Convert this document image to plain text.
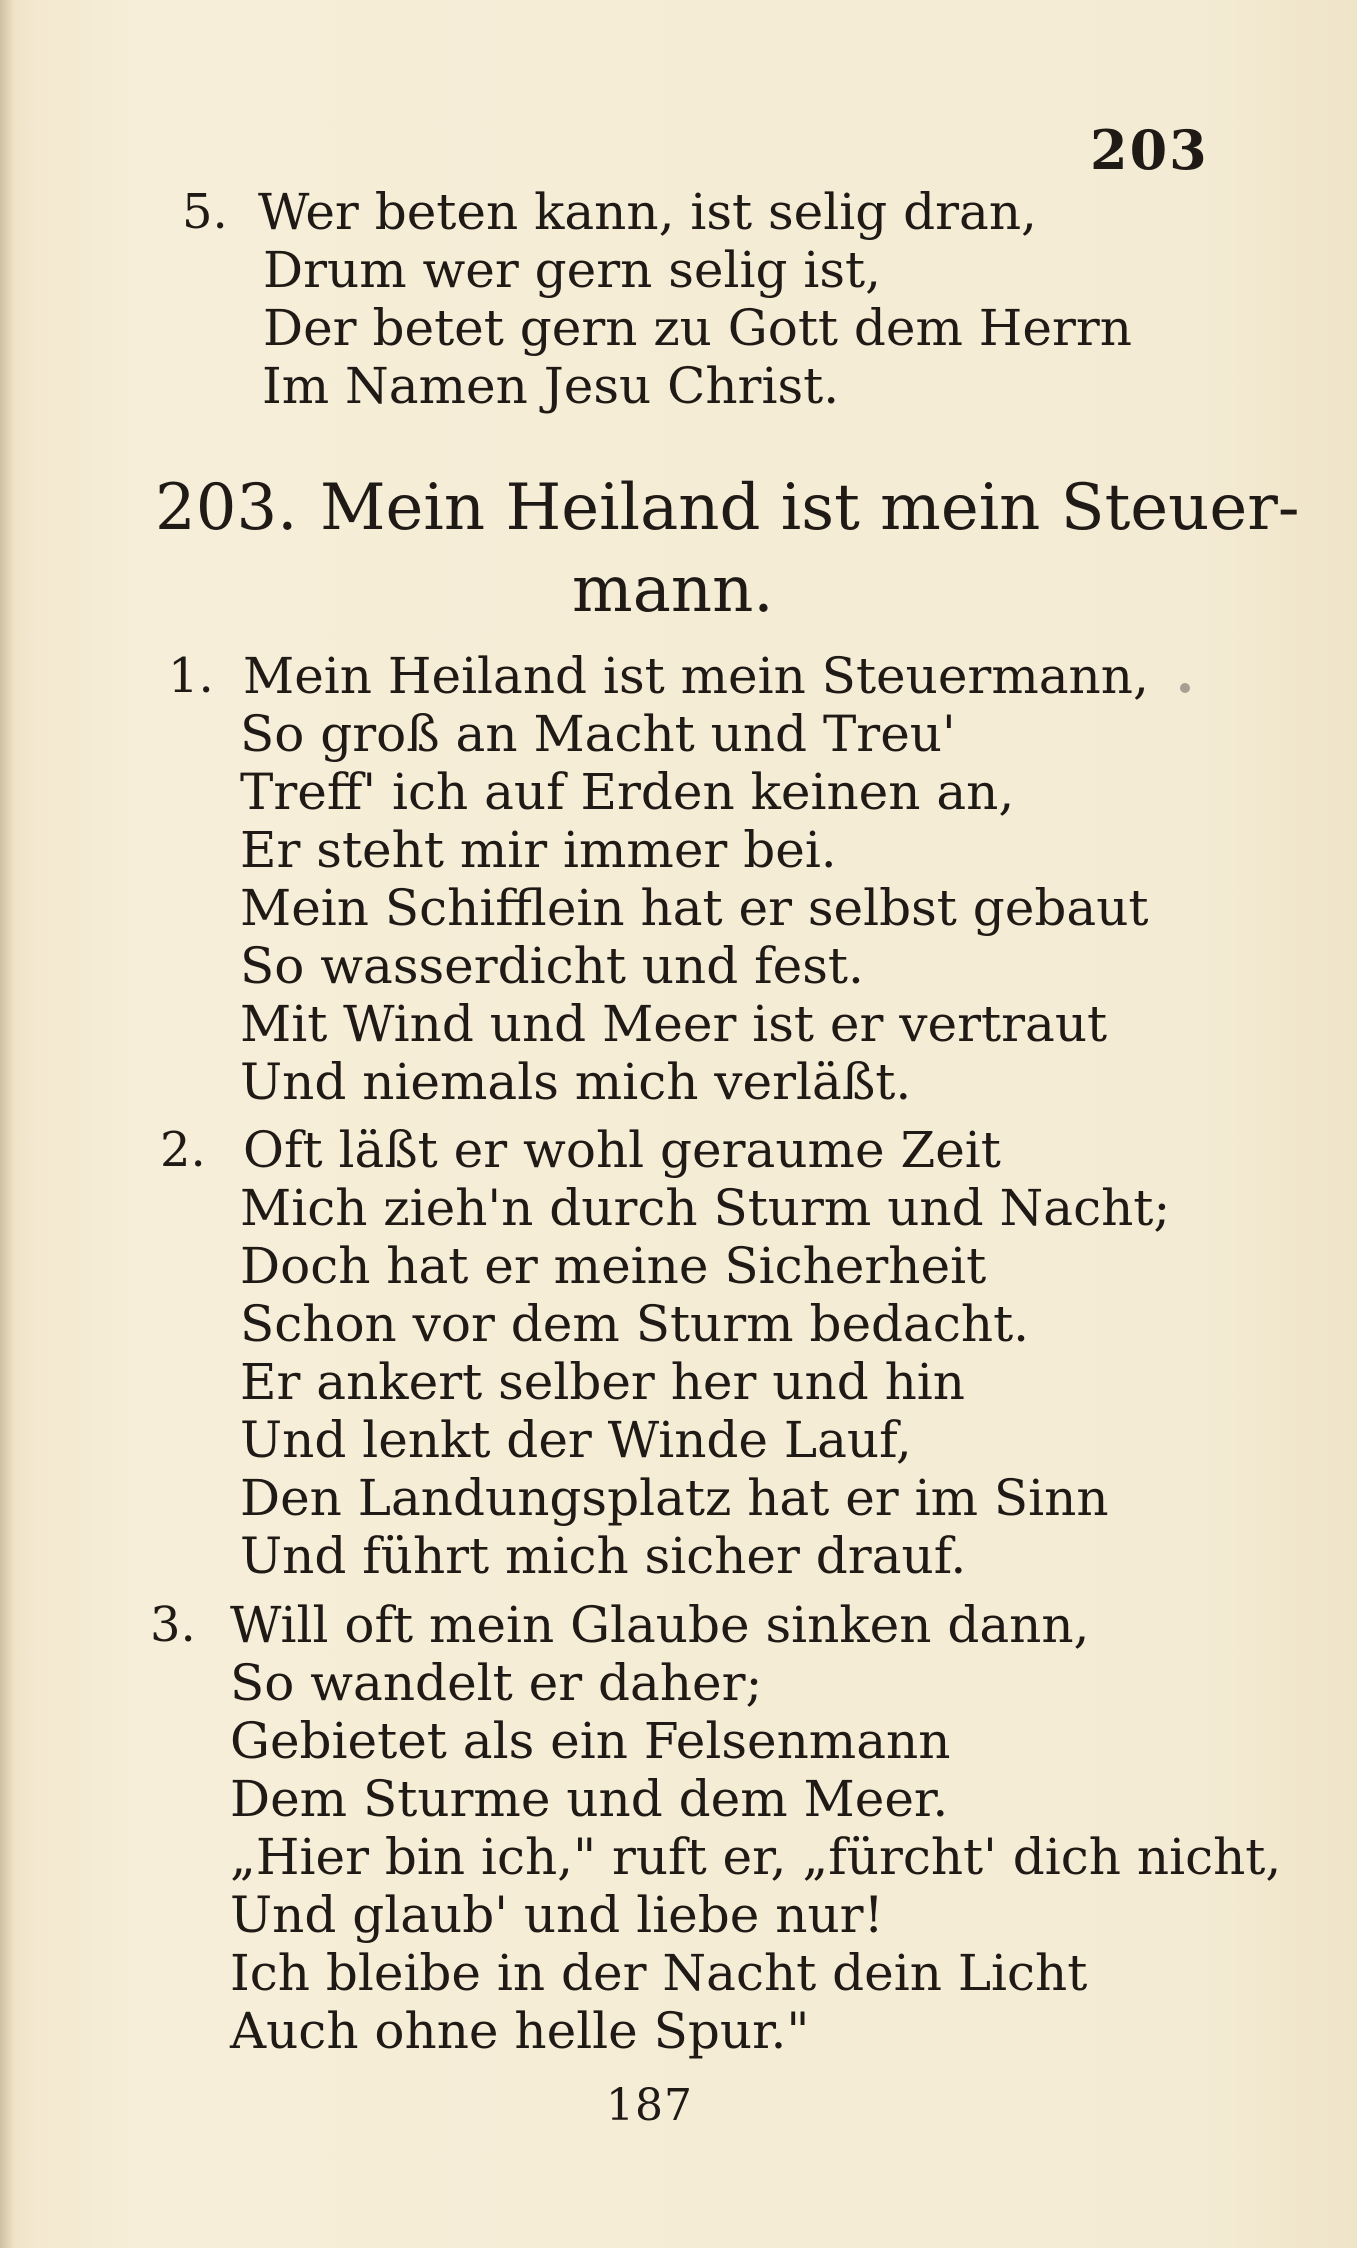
203
5. Wer beten kann, ist selig dran,
Drum wer gern selig ist,
Der betet gern zu Gott dem Herrn
Im Namen Jesu Christ.
203. Mein Heiland ist mein Steuer-
mann.
1. Mein Heiland ist mein Steuermann,
So groß an Macht und Treu'
Treff' ich auf Erden keinen an,
Er steht mir immer bei.
Mein Schifflein hat er selbst gebaut
So wasserdicht und fest.
Mit Wind und Meer ist er vertraut
Und niemals mich verläßt.
2. Oft läßt er wohl geraume Zeit
Mich zieh'n durch Sturm und Nacht;
Doch hat er meine Sicherheit
Schon vor dem Sturm bedacht.
Er ankert selber her und hin
Und lenkt der Winde Lauf,
Den Landungsplatz hat er im Sinn
Und führt mich sicher drauf.
3. Will oft mein Glaube sinken dann,
So wandelt er daher;
Gebietet als ein Felsenmann
Dem Sturme und dem Meer.
„Hier bin ich," ruft er, „fürcht' dich nicht,
Und glaub' und liebe nur!
Ich bleibe in der Nacht dein Licht
Auch ohne helle Spur."
187
